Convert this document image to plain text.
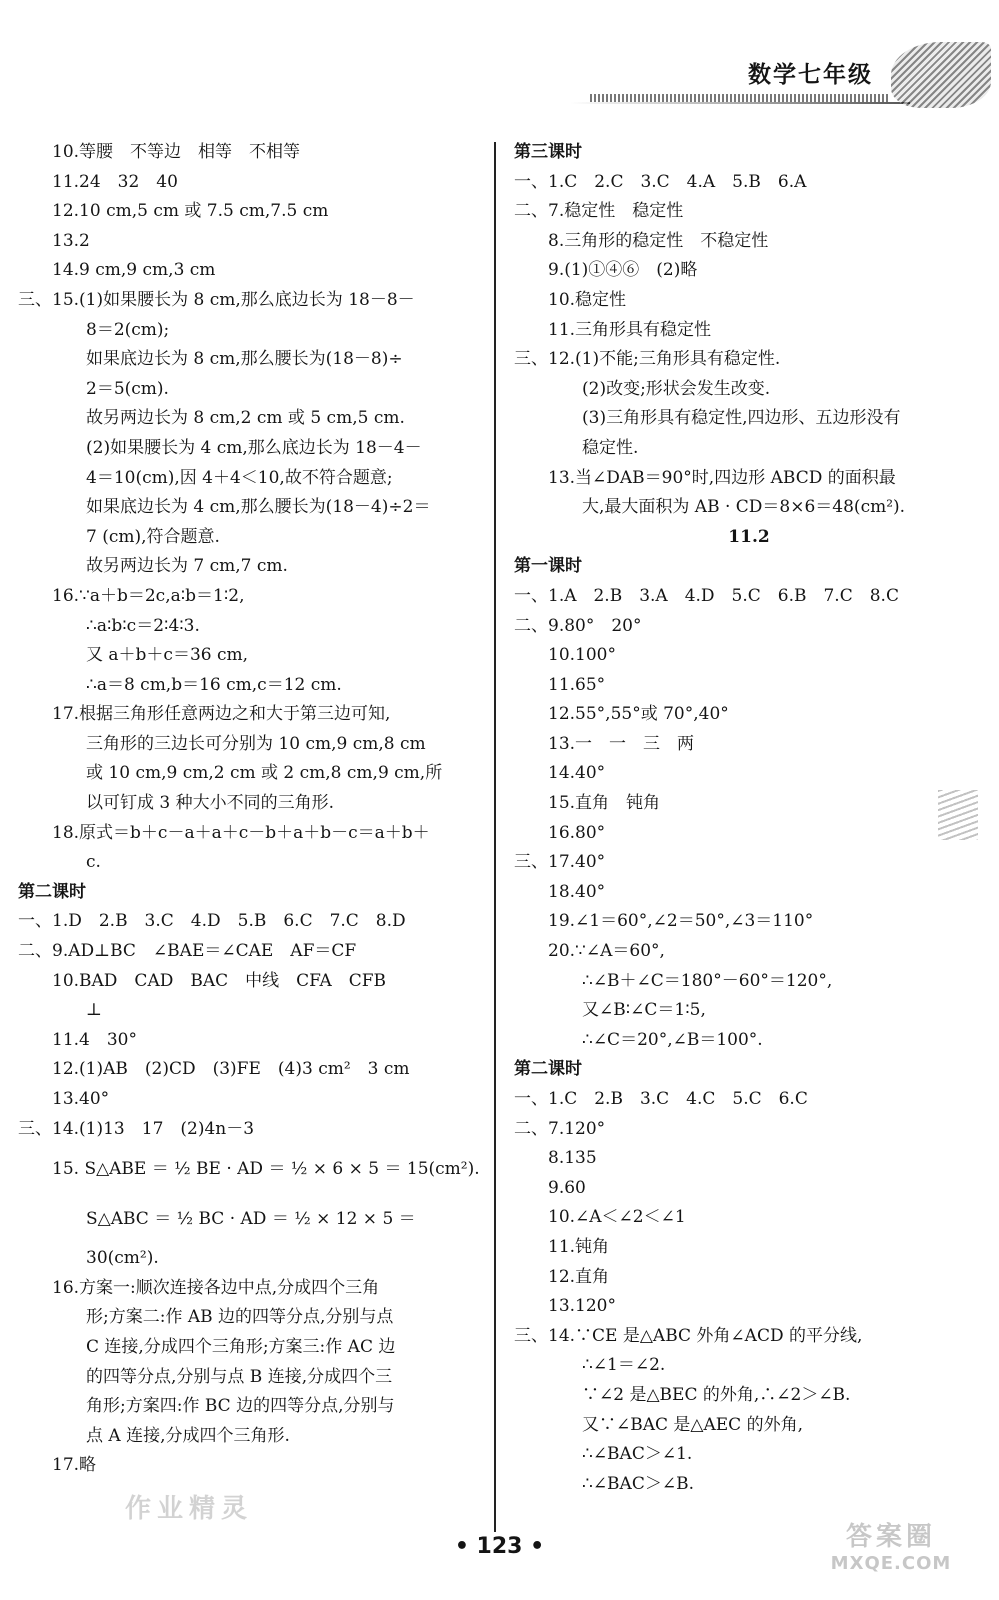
数学七年级
10.等腰　不等边　相等　不相等
11.24　32　40
12.10 cm,5 cm 或 7.5 cm,7.5 cm
13.2
14.9 cm,9 cm,3 cm
三、15.(1)如果腰长为 8 cm,那么底边长为 18－8－
8＝2(cm);
如果底边长为 8 cm,那么腰长为(18－8)÷
2＝5(cm).
故另两边长为 8 cm,2 cm 或 5 cm,5 cm.
(2)如果腰长为 4 cm,那么底边长为 18－4－
4＝10(cm),因 4＋4＜10,故不符合题意;
如果底边长为 4 cm,那么腰长为(18－4)÷2＝
7 (cm),符合题意.
故另两边长为 7 cm,7 cm.
16.∵a＋b＝2c,a∶b＝1∶2,
∴a∶b∶c＝2∶4∶3.
又 a＋b＋c＝36 cm,
∴a＝8 cm,b＝16 cm,c＝12 cm.
17.根据三角形任意两边之和大于第三边可知,
三角形的三边长可分别为 10 cm,9 cm,8 cm
或 10 cm,9 cm,2 cm 或 2 cm,8 cm,9 cm,所
以可钉成 3 种大小不同的三角形.
18.原式＝b＋c－a＋a＋c－b＋a＋b－c＝a＋b＋
c.
第二课时
一、1.D　2.B　3.C　4.D　5.B　6.C　7.C　8.D
二、9.AD⊥BC　∠BAE＝∠CAE　AF＝CF
10.BAD　CAD　BAC　中线　CFA　CFB
⊥
11.4　30°
12.(1)AB　(2)CD　(3)FE　(4)3 cm²　3 cm
13.40°
三、14.(1)13　17　(2)4n－3
15. S△ABE ＝ ½ BE · AD ＝ ½ × 6 × 5 ＝ 15(cm²).
S△ABC ＝ ½ BC · AD ＝ ½ × 12 × 5 ＝
30(cm²).
16.方案一:顺次连接各边中点,分成四个三角
形;方案二:作 AB 边的四等分点,分别与点
C 连接,分成四个三角形;方案三:作 AC 边
的四等分点,分别与点 B 连接,分成四个三
角形;方案四:作 BC 边的四等分点,分别与
点 A 连接,分成四个三角形.
17.略
第三课时
一、1.C　2.C　3.C　4.A　5.B　6.A
二、7.稳定性　稳定性
8.三角形的稳定性　不稳定性
9.(1)①④⑥　(2)略
10.稳定性
11.三角形具有稳定性
三、12.(1)不能;三角形具有稳定性.
(2)改变;形状会发生改变.
(3)三角形具有稳定性,四边形、五边形没有
稳定性.
13.当∠DAB＝90°时,四边形 ABCD 的面积最
大,最大面积为 AB · CD＝8×6＝48(cm²).
11.2
第一课时
一、1.A　2.B　3.A　4.D　5.C　6.B　7.C　8.C
二、9.80°　20°
10.100°
11.65°
12.55°,55°或 70°,40°
13.一　一　三　两
14.40°
15.直角　钝角
16.80°
三、17.40°
18.40°
19.∠1＝60°,∠2＝50°,∠3＝110°
20.∵∠A＝60°,
∴∠B＋∠C＝180°－60°＝120°,
又∠B∶∠C＝1∶5,
∴∠C＝20°,∠B＝100°.
第二课时
一、1.C　2.B　3.C　4.C　5.C　6.C
二、7.120°
8.135
9.60
10.∠A＜∠2＜∠1
11.钝角
12.直角
13.120°
三、14.∵CE 是△ABC 外角∠ACD 的平分线,
∴∠1＝∠2.
∵∠2 是△BEC 的外角,∴∠2＞∠B.
又∵∠BAC 是△AEC 的外角,
∴∠BAC＞∠1.
∴∠BAC＞∠B.
作业精灵
• 123 •	答案圈
MXQE.COM
